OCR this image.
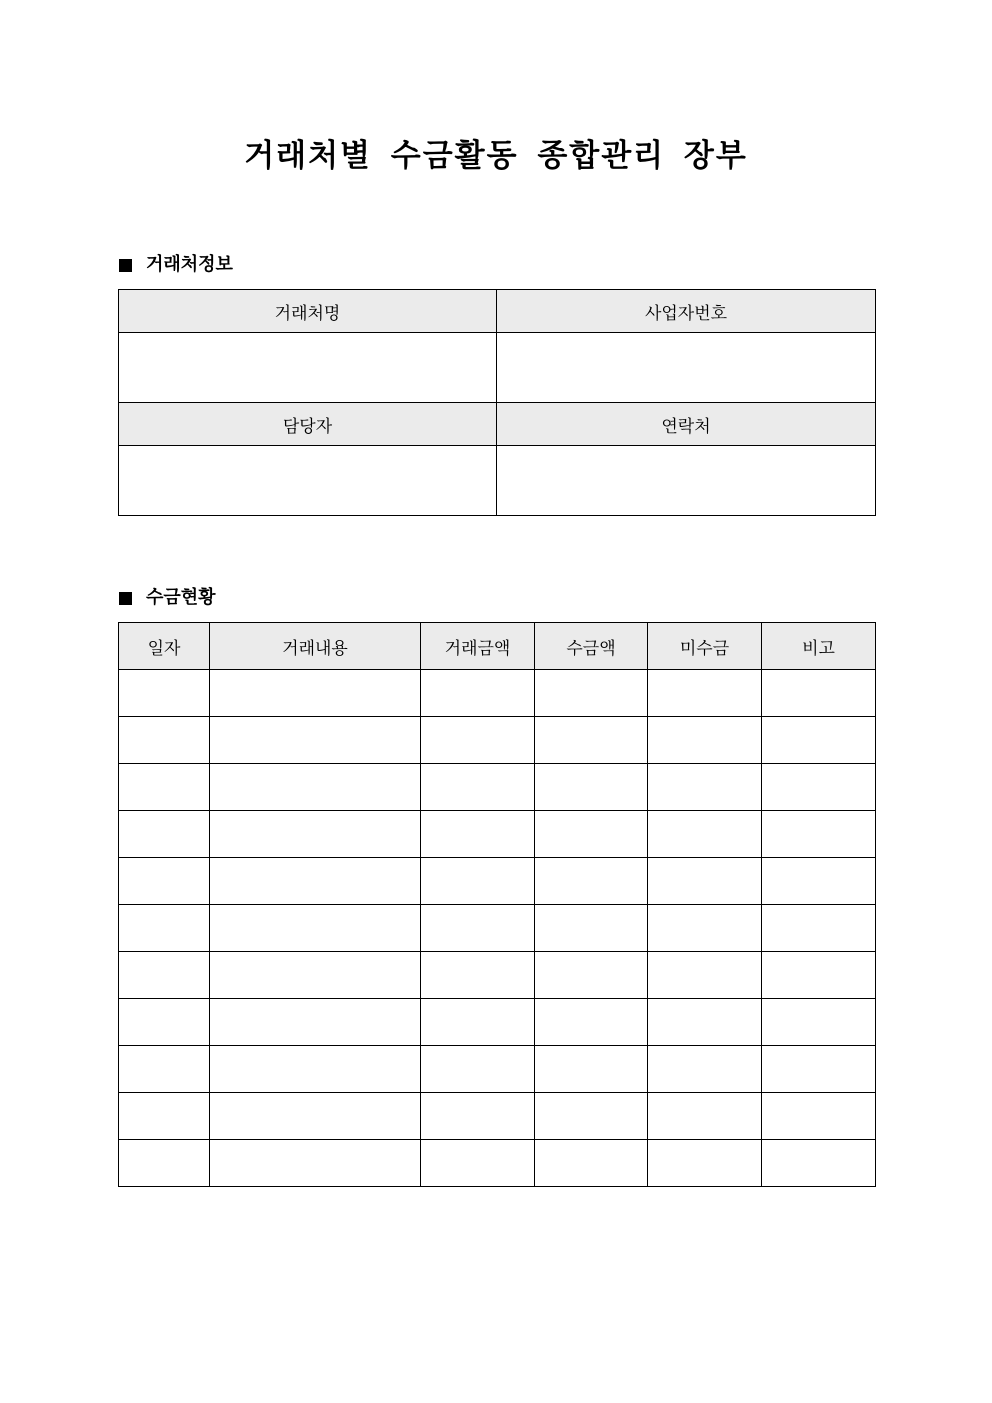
거래처별 수금활동 종합관리 장부
거래처정보
거래처명	사업자번호

담당자	연락처

수금현황
일자	거래내용	거래금액	수금액	미수금	비고
